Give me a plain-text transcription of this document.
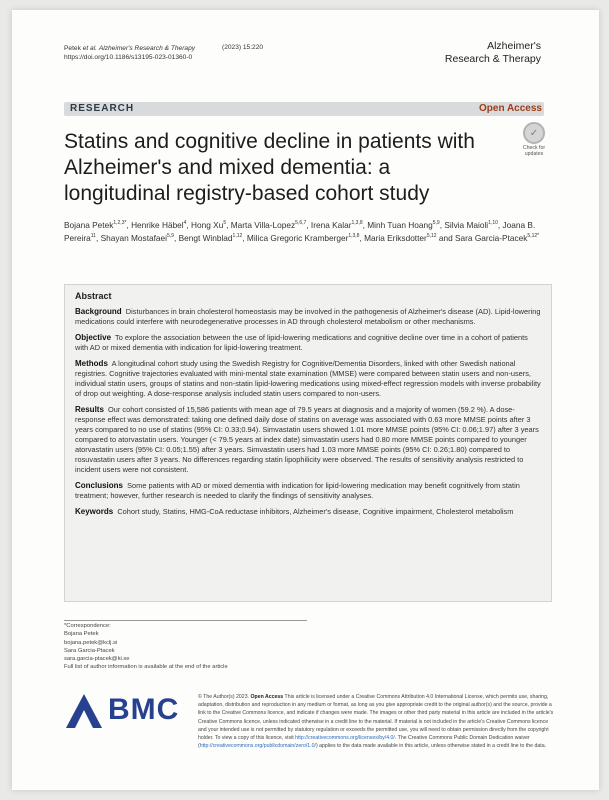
Petek et al. Alzheimer's Research & Therapy
https://doi.org/10.1186/s13195-023-01360-0
(2023) 15:220	Alzheimer's
Research & Therapy
RESEARCH	Open Access
Statins and cognitive decline in patients with Alzheimer's and mixed dementia: a longitudinal registry-based cohort study
✓
Check for
updates
Bojana Petek$^{1,2,3*}$, Henrike Häbel$^4$, Hong Xu$^5$, Marta Villa-Lopez$^{5,6,7}$, Irena Kalar$^{1,3,8}$, Minh Tuan Hoang$^{5,9}$, Silvia Maioli$^{1,10}$, Joana B. Pereira$^{11}$, Shayan Mostafaei$^{5,9}$, Bengt Winblad$^{1,12}$, Milica Gregoric Kramberger$^{1,3,8}$, Maria Eriksdotter$^{5,12}$ and Sara Garcia-Ptacek$^{5,12*}$
Abstract

Background Disturbances in brain cholesterol homeostasis may be involved in the pathogenesis of Alzheimer's disease (AD). Lipid-lowering medications could interfere with neurodegenerative processes in AD through cholesterol metabolism or other mechanisms.

Objective To explore the association between the use of lipid-lowering medications and cognitive decline over time in a cohort of patients with AD or mixed dementia with indication for lipid-lowering treatment.

Methods A longitudinal cohort study using the Swedish Registry for Cognitive/Dementia Disorders, linked with other Swedish national registries. Cognitive trajectories evaluated with mini-mental state examination (MMSE) were compared between statin users and non-users, individual statin users, groups of statins and non-statin lipid-lowering medications using mixed-effect regression models with inverse probability of drop out weighting. A dose-response analysis included statin users compared to non-users.

Results Our cohort consisted of 15,586 patients with mean age of 79.5 years at diagnosis and a majority of women (59.2 %). A dose-response effect was demonstrated: taking one defined daily dose of statins on average was associated with 0.63 more MMSE points after 3 years compared to no use of statins (95% CI: 0.33;0.94). Simvastatin users showed 1.01 more MMSE points (95% CI: 0.06;1.97) after 3 years compared to atorvastatin users. Younger (< 79.5 years at index date) simvastatin users had 0.80 more MMSE points compared to younger atorvastatin users (95% CI: 0.05;1.55) after 3 years. Simvastatin users had 1.03 more MMSE points (95% CI: 0.26;1.80) compared to rosuvastatin users after 3 years. No differences regarding statin lipophilicity were observed. The results of sensitivity analysis restricted to incident users were not consistent.

Conclusions Some patients with AD or mixed dementia with indication for lipid-lowering medication may benefit cognitively from statin treatment; however, further research is needed to clarify the findings of sensitivity analyses.

Keywords Cohort study, Statins, HMG-CoA reductase inhibitors, Alzheimer's disease, Cognitive impairment, Cholesterol metabolism

*Correspondence:
Bojana Petek
bojana.petek@kclj.si
Sara Garcia-Ptacek
sara.garcia-ptacek@ki.se
Full list of author information is available at the end of the article
BMC	© The Author(s) 2023. Open Access This article is licensed under a Creative Commons Attribution 4.0 International License, which permits use, sharing, adaptation, distribution and reproduction in any medium or format, as long as you give appropriate credit to the original author(s) and the source, provide a link to the Creative Commons licence, and indicate if changes were made. The images or other third party material in this article are included in the article's Creative Commons licence, unless indicated otherwise in a credit line to the material. If material is not included in the article's Creative Commons licence and your intended use is not permitted by statutory regulation or exceeds the permitted use, you will need to obtain permission directly from the copyright holder. To view a copy of this licence, visit http://creativecommons.org/licenses/by/4.0/. The Creative Commons Public Domain Dedication waiver (http://creativecommons.org/publicdomain/zero/1.0/) applies to the data made available in this article, unless otherwise stated in a credit line to the data.
